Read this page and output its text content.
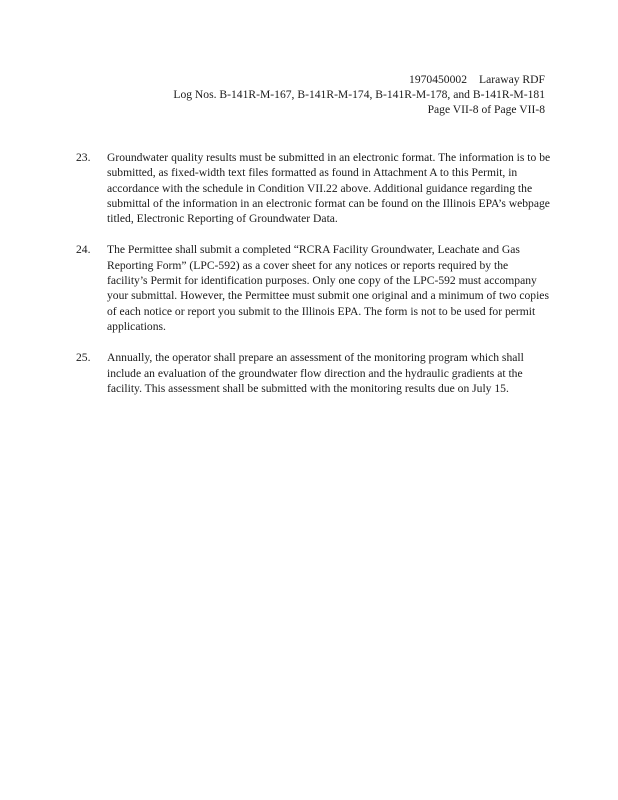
1970450002 Laraway RDF
Log Nos. B-141R-M-167, B-141R-M-174, B-141R-M-178, and B-141R-M-181
Page VII-8 of Page VII-8
23.	Groundwater quality results must be submitted in an electronic format. The information is to be submitted, as fixed-width text files formatted as found in Attachment A to this Permit, in accordance with the schedule in Condition VII.22 above. Additional guidance regarding the submittal of the information in an electronic format can be found on the Illinois EPA’s webpage titled, Electronic Reporting of Groundwater Data.
24.	The Permittee shall submit a completed “RCRA Facility Groundwater, Leachate and Gas Reporting Form” (LPC-592) as a cover sheet for any notices or reports required by the facility’s Permit for identification purposes. Only one copy of the LPC-592 must accompany your submittal. However, the Permittee must submit one original and a minimum of two copies of each notice or report you submit to the Illinois EPA. The form is not to be used for permit applications.
25.	Annually, the operator shall prepare an assessment of the monitoring program which shall include an evaluation of the groundwater flow direction and the hydraulic gradients at the facility. This assessment shall be submitted with the monitoring results due on July 15.
